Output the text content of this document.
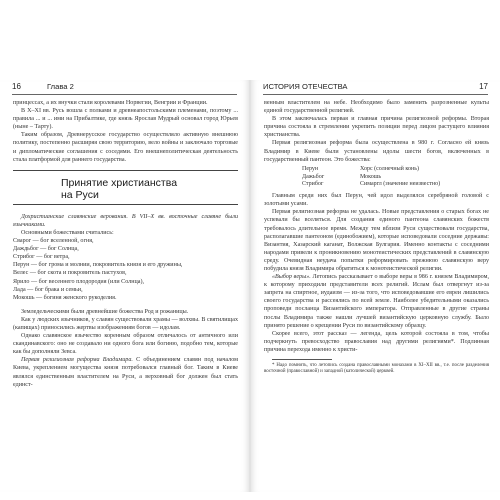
16	Глава 2

принцессах, а их внучки стали королевами Норвегии, Венгрии и Франции.

В X–XI вв. Русь вошла с полками и древнеапостольскими племенами, поэтому ... правила ... и ... ими на Прибалтике, где князь Ярослав Мудрый основал город Юрьев (ныне – Тарту).

Таким образом, Древнерусское государство осуществляло активную внешнюю политику, постепенно расширяя свою территорию, вело войны и заключало торговые и дипломатические соглашения с соседями. Его внешнеполитическая деятельность стала платформой для раннего государства.

Принятие христианства
на Руси

Дохристианские славянские верования. В VII–X вв. восточные славяне были язычниками.

Основными божествами считались:

Сварог — бог вселенной, огня,

Даждьбог — бог Солнца,

Стрибог — бог ветра,

Перун — бог грома и молнии, покровитель князя и его дружины,

Велес — бог скота и покровитель пастухов,

Ярило — бог весеннего плодородия (или Солнца),

Лада — бог брака и семьи,

Мокошь — богиня женского рукоделия.

Земледельческими были древнейшие божества Род и рожаницы.

Как у людских язычников, у славян существовали храмы — волхвы. В святилищах (капищах) приносились жертвы изображениям богов — идолам.

Однако славянское язычество коренным образом отличалось от античного или скандинавского: оно не создавало ни одного бога или богиню, подобно тем, которые как бы дополняли Зевса.

Первая религиозная реформа Владимира. С объединением славян под началом Киева, укреплением могущества князя потребовался главный бог. Таким в Киеве являлся единственным властителем на Руси, а верховный бог должен был стать единст-

ИСТОРИЯ ОТЕЧЕСТВА	17

венным властителем на небе. Необходимо было заменить разрозненные культы единой государственной религией.

В этом заключалась первая и главная причина религиозной реформы. Вторая причина состояла в стремлении укрепить позиции перед лицом растущего влияния христианства.

Первая религиозная реформа была осуществлена в 980 г. Согласно ей князь Владимир в Киеве были установлены идолы шести богов, включенных в государственный пантеон. Это божества:

Перун	Хорс (солнечный конь)
Дажьбог	Мокошь
Стрибог	Симаргл (значение неизвестно)

Главным среди них был Перун, чей идол выделялся серебряной головой с золотыми усами.

Первая религиозная реформа не удалась. Новые представления о старых богах не успевали бы вселяться. Для создания единого пантеона славянских божеств требовалось длительное время. Между тем вблизи Руси существовали государства, располагавшие пантеоном (единобожием), которые исповедовали соседние державы: Византия, Хазарский каганат, Волжская Булгария. Именно контакты с соседними народами привели к проникновению монотеистических представлений в славянскую среду. Очевидная неудача попытки реформировать прежнюю славянскую веру побудила князя Владимира обратиться к монотеистической религии.

«Выбор веры». Летопись рассказывает о выборе веры в 986 г. князем Владимиром, к которому приходили представители всех религий. Ислам был отвергнут из-за запрета на спиртное, иудаизм — из-за того, что исповедовавшие его евреи лишились своего государства и рассеялись по всей земле. Наиболее убедительными оказались проповеди посланца Византийского императора. Отправленные в другие страны послы Владимира также нашли лучшей византийскую церковную службу. Было принято решение о крещении Руси по византийскому образцу.

Скорее всего, этот рассказ — легенда, цель которой состояла в том, чтобы подчеркнуть превосходство православия над другими религиями*. Подлинная причина перехода именно к христи-

* Надо помнить, что летопись создана православными монахами в XI–XII вв., т.е. после разделения восточной (православной) и западной (католической) церквей.
